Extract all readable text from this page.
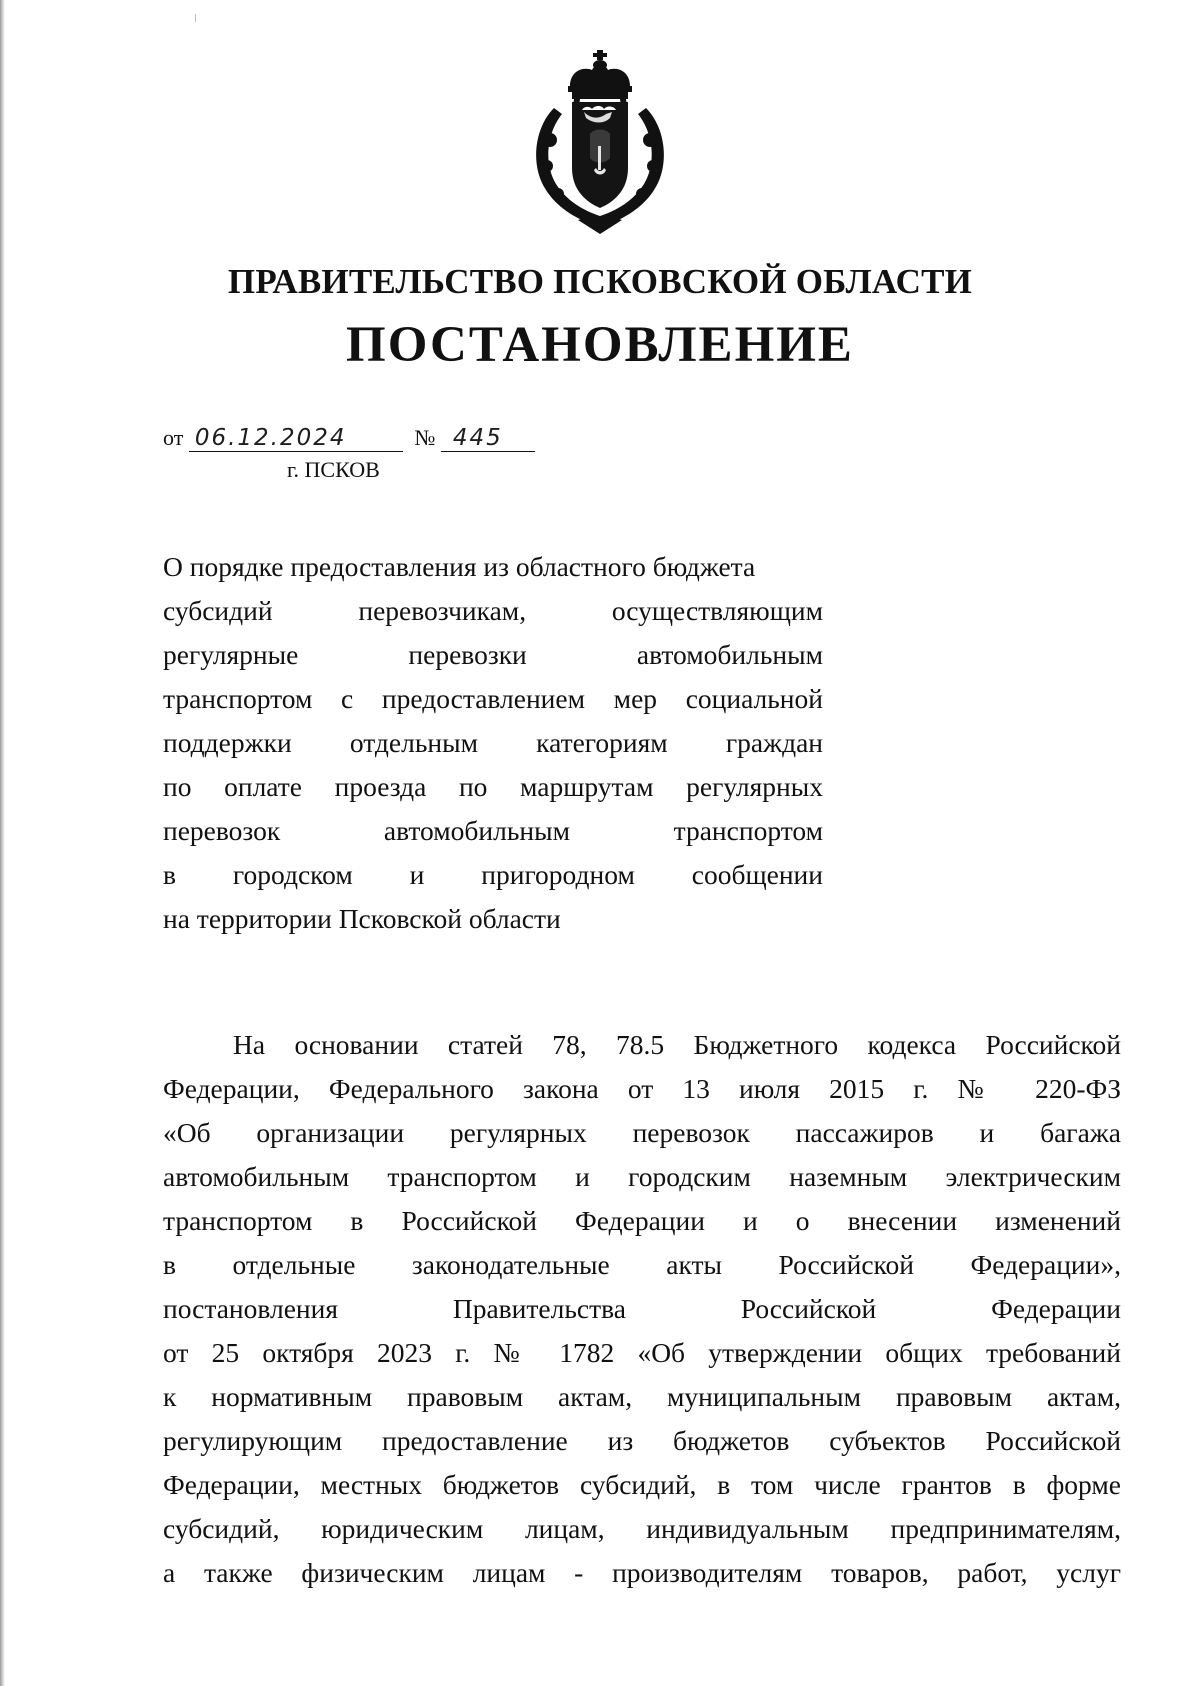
ПРАВИТЕЛЬСТВО ПСКОВСКОЙ ОБЛАСТИ
ПОСТАНОВЛЕНИЕ
от 06.12.2024	№ 445
г. ПСКОВ
О порядке предоставления из областного бюджета
субсидий перевозчикам, осуществляющим
регулярные перевозки автомобильным
транспортом с предоставлением мер социальной
поддержки отдельным категориям граждан
по оплате проезда по маршрутам регулярных
перевозок автомобильным транспортом
в городском и пригородном сообщении
на территории Псковской области
На основании статей 78, 78.5 Бюджетного кодекса Российской
Федерации, Федерального закона от 13 июля 2015 г. № 220-ФЗ
«Об организации регулярных перевозок пассажиров и багажа
автомобильным транспортом и городским наземным электрическим
транспортом в Российской Федерации и о внесении изменений
в отдельные законодательные акты Российской Федерации»,
постановления Правительства Российской Федерации
от 25 октября 2023 г. № 1782 «Об утверждении общих требований
к нормативным правовым актам, муниципальным правовым актам,
регулирующим предоставление из бюджетов субъектов Российской
Федерации, местных бюджетов субсидий, в том числе грантов в форме
субсидий, юридическим лицам, индивидуальным предпринимателям,
а также физическим лицам - производителям товаров, работ, услуг
